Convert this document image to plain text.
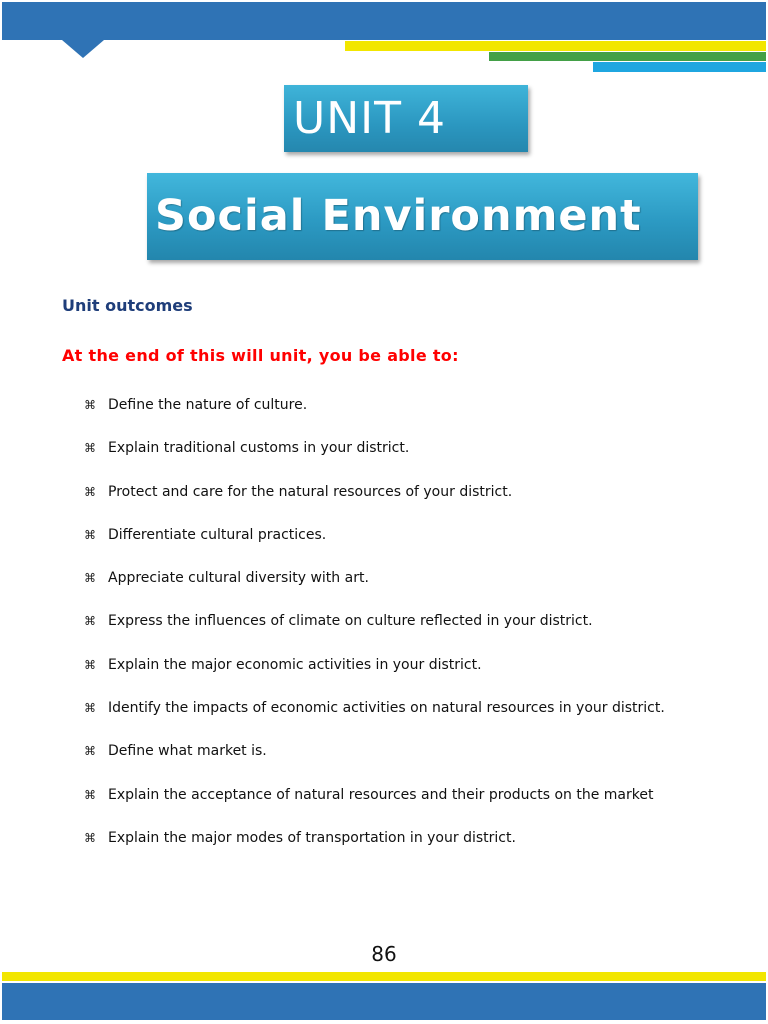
UNIT 4
Social Environment
Unit outcomes
At the end of this will unit, you be able to:
⌘ Define the nature of culture.
⌘ Explain traditional customs in your district.
⌘ Protect and care for the natural resources of your district.
⌘ Differentiate cultural practices.
⌘ Appreciate cultural diversity with art.
⌘ Express the influences of climate on culture reflected in your district.
⌘ Explain the major economic activities in your district.
⌘ Identify the impacts of economic activities on natural resources in your district.
⌘ Define what market is.
⌘ Explain the acceptance of natural resources and their products on the market
⌘ Explain the major modes of transportation in your district.
86
